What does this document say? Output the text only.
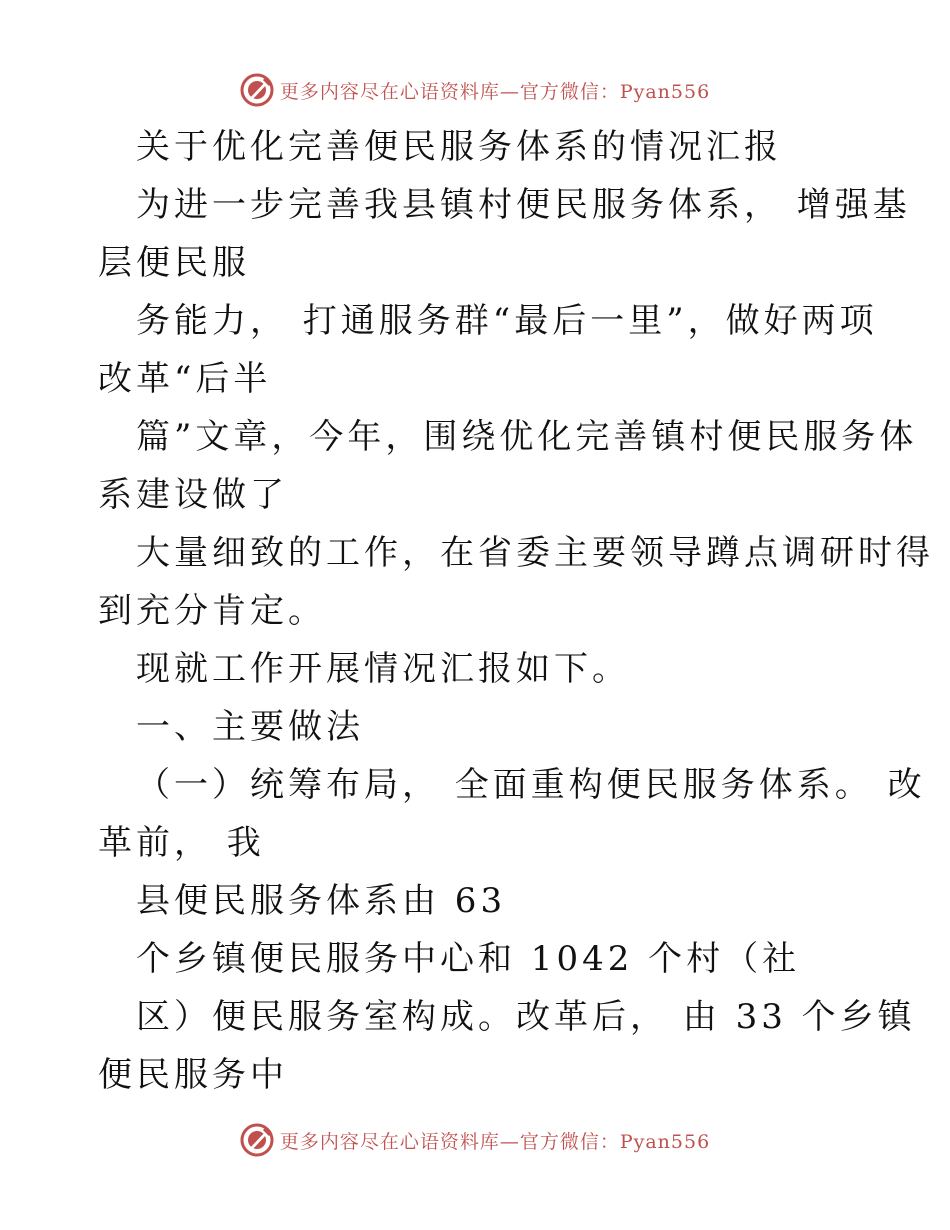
更多内容尽在心语资料库—官方微信：Pyan556
关于优化完善便民服务体系的情况汇报
为进一步完善我县镇村便民服务体系， 增强基
层便民服
务能力， 打通服务群“最后一里”，做好两项
改革“后半
篇”文章，今年，围绕优化完善镇村便民服务体
系建设做了
大量细致的工作，在省委主要领导蹲点调研时得
到充分肯定。
现就工作开展情况汇报如下。
一、主要做法
（一）统筹布局， 全面重构便民服务体系。 改
革前， 我
县便民服务体系由 63
个乡镇便民服务中心和 1042 个村（社
区）便民服务室构成。改革后， 由 33 个乡镇
便民服务中
更多内容尽在心语资料库—官方微信：Pyan556
